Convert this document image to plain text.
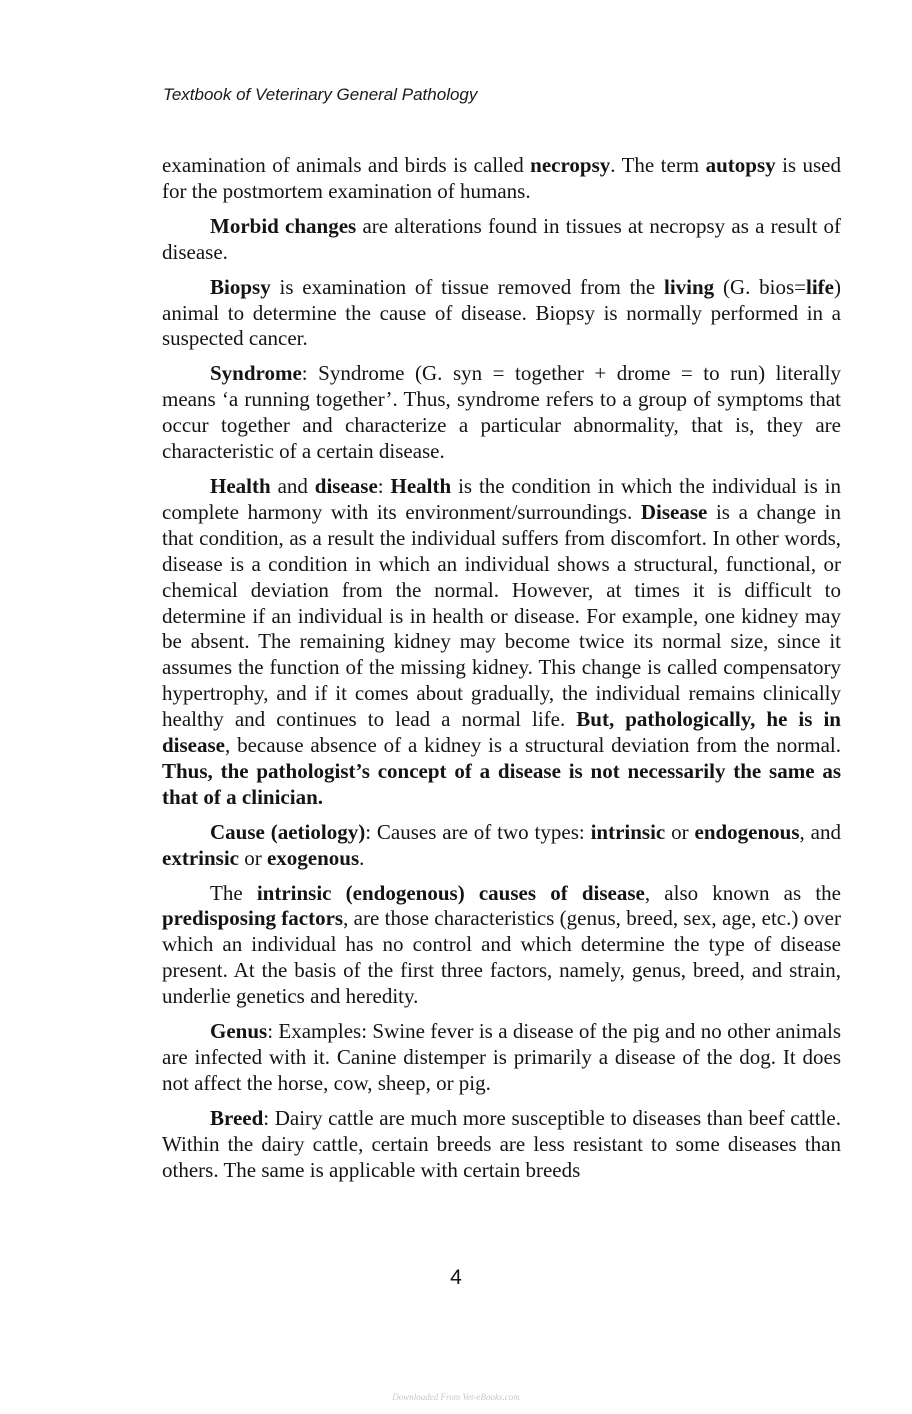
Textbook of Veterinary General Pathology

examination of animals and birds is called necropsy. The term autopsy is used for the postmortem examination of humans.

Morbid changes are alterations found in tissues at necropsy as a result of disease.

Biopsy is examination of tissue removed from the living (G. bios=life) animal to determine the cause of disease. Biopsy is normally performed in a suspected cancer.

Syndrome: Syndrome (G. syn = together + drome = to run) literally means ‘a running together’. Thus, syndrome refers to a group of symptoms that occur together and characterize a particular abnormality, that is, they are characteristic of a certain disease.

Health and disease: Health is the condition in which the individual is in complete harmony with its environment/surroundings. Disease is a change in that condition, as a result the individual suffers from discomfort. In other words, disease is a condition in which an individual shows a structural, functional, or chemical deviation from the normal. However, at times it is difficult to determine if an individual is in health or disease. For example, one kidney may be absent. The remaining kidney may become twice its normal size, since it assumes the function of the missing kidney. This change is called compensatory hypertrophy, and if it comes about gradually, the individual remains clinically healthy and continues to lead a normal life. But, pathologically, he is in disease, because absence of a kidney is a structural deviation from the normal. Thus, the pathologist’s concept of a disease is not necessarily the same as that of a clinician.

Cause (aetiology): Causes are of two types: intrinsic or endogenous, and extrinsic or exogenous.

The intrinsic (endogenous) causes of disease, also known as the predisposing factors, are those characteristics (genus, breed, sex, age, etc.) over which an individual has no control and which determine the type of disease present. At the basis of the first three factors, namely, genus, breed, and strain, underlie genetics and heredity.

Genus: Examples: Swine fever is a disease of the pig and no other animals are infected with it. Canine distemper is primarily a disease of the dog. It does not affect the horse, cow, sheep, or pig.

Breed: Dairy cattle are much more susceptible to diseases than beef cattle. Within the dairy cattle, certain breeds are less resistant to some diseases than others. The same is applicable with certain breeds

4
Downloaded From Vet-eBooks.com
